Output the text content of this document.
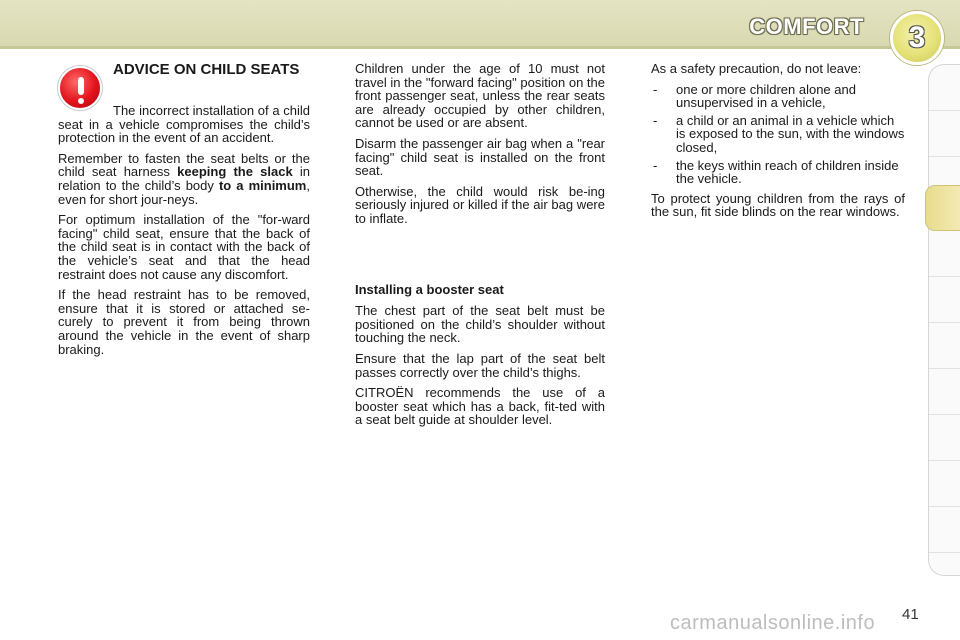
COMFORT 3
ADVICE ON CHILD SEATS

The incorrect installation of a child seat in a vehicle compromises the child’s protection in the event of an accident.

Remember to fasten the seat belts or the child seat harness keeping the slack in relation to the child’s body to a minimum, even for short jour-neys.

For optimum installation of the "for-ward facing" child seat, ensure that the back of the child seat is in contact with the back of the vehicle’s seat and that the head restraint does not cause any discomfort.

If the head restraint has to be removed, ensure that it is stored or attached se-curely to prevent it from being thrown around the vehicle in the event of sharp braking.

Children under the age of 10 must not travel in the "forward facing" position on the front passenger seat, unless the rear seats are already occupied by other children, cannot be used or are absent.

Disarm the passenger air bag when a "rear facing" child seat is installed on the front seat.

Otherwise, the child would risk be-ing seriously injured or killed if the air bag were to inflate.

Installing a booster seat

The chest part of the seat belt must be positioned on the child’s shoulder without touching the neck.

Ensure that the lap part of the seat belt passes correctly over the child’s thighs.

CITROËN recommends the use of a booster seat which has a back, fit-ted with a seat belt guide at shoulder level.

As a safety precaution, do not leave:

- one or more children alone and unsupervised in a vehicle,
- a child or an animal in a vehicle which is exposed to the sun, with the windows closed,
- the keys within reach of children inside the vehicle.

To protect young children from the rays of the sun, fit side blinds on the rear windows.

carmanualsonline.info 41
